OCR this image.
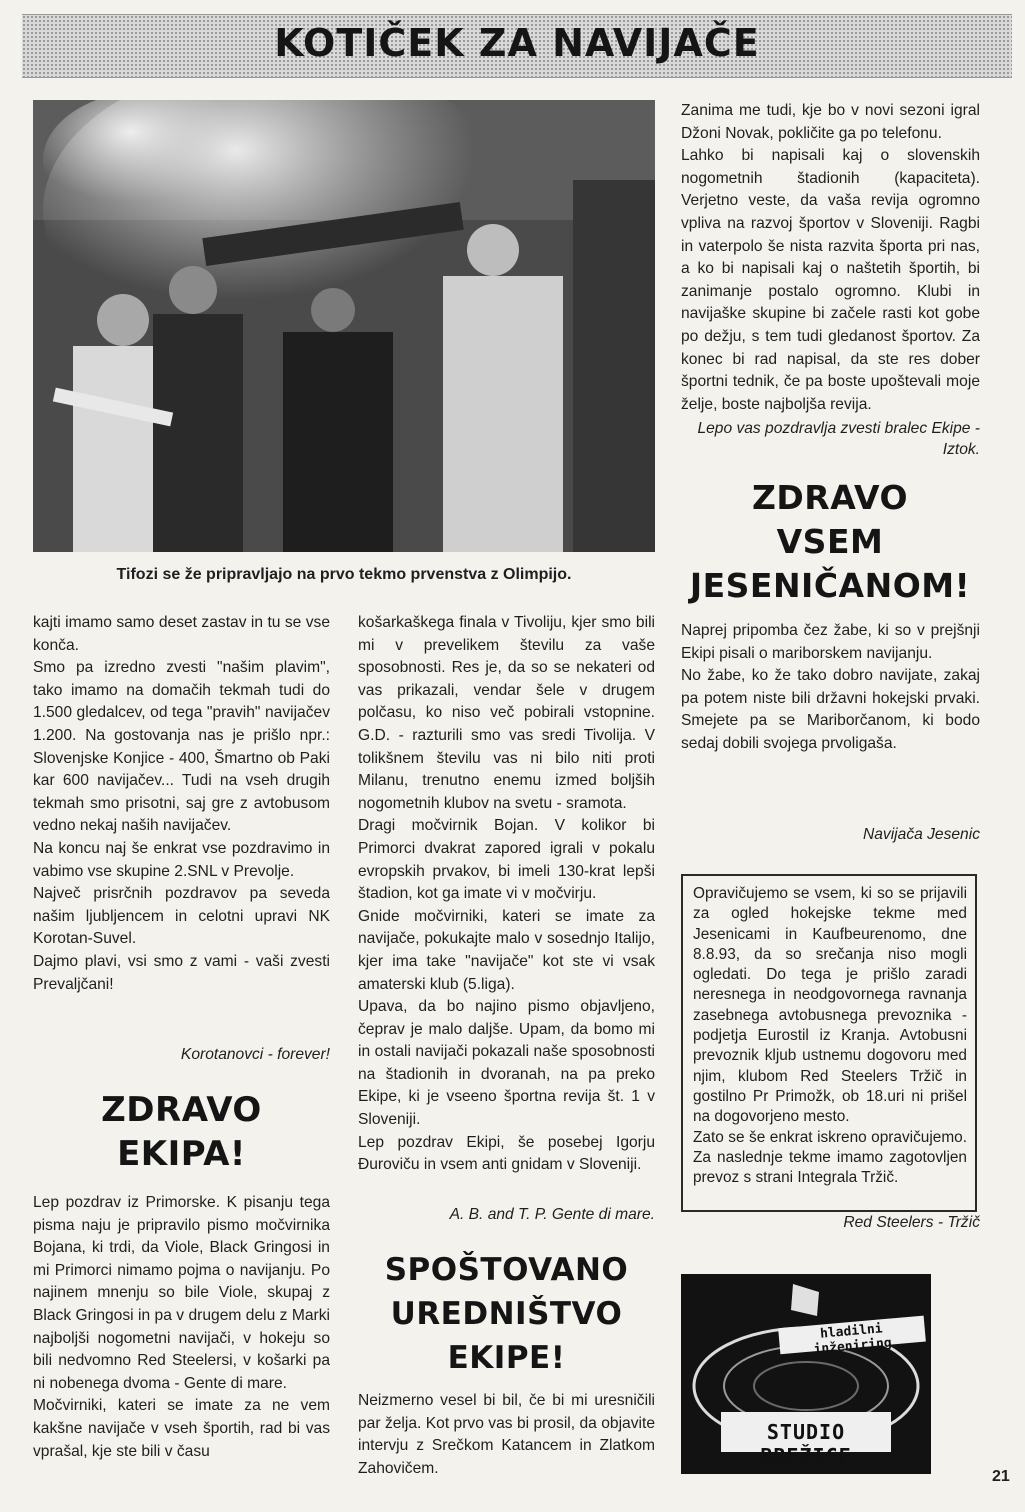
KOTIČEK ZA NAVIJAČE
Tifozi se že pripravljajo na prvo tekmo prvenstva z Olimpijo.

kajti imamo samo deset zastav in tu se vse konča.

Smo pa izredno zvesti "našim plavim", tako imamo na domačih tekmah tudi do 1.500 gledalcev, od tega "pravih" navijačev 1.200. Na gostovanja nas je prišlo npr.: Slovenjske Konjice - 400, Šmartno ob Paki kar 600 navijačev... Tudi na vseh drugih tekmah smo prisotni, saj gre z avtobusom vedno nekaj naših navijačev.

Na koncu naj še enkrat vse pozdravimo in vabimo vse skupine 2.SNL v Prevolje.

Največ prisrčnih pozdravov pa seveda našim ljubljencem in celotni upravi NK Korotan-Suvel.

Dajmo plavi, vsi smo z vami - vaši zvesti Prevaljčani!

Korotanovci - forever!
ZDRAVO
EKIPA!

Lep pozdrav iz Primorske. K pisanju tega pisma naju je pripravilo pismo močvirnika Bojana, ki trdi, da Viole, Black Gringosi in mi Primorci nimamo pojma o navijanju. Po najinem mnenju so bile Viole, skupaj z Black Gringosi in pa v drugem delu z Marki najboljši nogometni navijači, v hokeju so bili nedvomno Red Steelersi, v košarki pa ni nobenega dvoma - Gente di mare.

Močvirniki, kateri se imate za ne vem kakšne navijače v vseh športih, rad bi vas vprašal, kje ste bili v času

košarkaškega finala v Tivoliju, kjer smo bili mi v prevelikem številu za vaše sposobnosti. Res je, da so se nekateri od vas prikazali, vendar šele v drugem polčasu, ko niso več pobirali vstopnine. G.D. - razturili smo vas sredi Tivolija. V tolikšnem številu vas ni bilo niti proti Milanu, trenutno enemu izmed boljših nogometnih klubov na svetu - sramota.

Dragi močvirnik Bojan. V kolikor bi Primorci dvakrat zapored igrali v pokalu evropskih prvakov, bi imeli 130-krat lepši štadion, kot ga imate vi v močvirju.

Gnide močvirniki, kateri se imate za navijače, pokukajte malo v sosednjo Italijo, kjer ima take "navijače" kot ste vi vsak amaterski klub (5.liga).

Upava, da bo najino pismo objavljeno, čeprav je malo daljše. Upam, da bomo mi in ostali navijači pokazali naše sposobnosti na štadionih in dvoranah, na pa preko Ekipe, ki je vseeno športna revija št. 1 v Sloveniji.

Lep pozdrav Ekipi, še posebej Igorju Đuroviču in vsem anti gnidam v Sloveniji.

A. B. and T. P. Gente di mare.
SPOŠTOVANO
UREDNIŠTVO
EKIPE!

Neizmerno vesel bi bil, če bi mi uresničili par želja. Kot prvo vas bi prosil, da objavite intervju z Srečkom Katancem in Zlatkom Zahovičem.

Zanima me tudi, kje bo v novi sezoni igral Džoni Novak, pokličite ga po telefonu.

Lahko bi napisali kaj o slovenskih nogometnih štadionih (kapaciteta). Verjetno veste, da vaša revija ogromno vpliva na razvoj športov v Sloveniji. Ragbi in vaterpolo še nista razvita športa pri nas, a ko bi napisali kaj o naštetih športih, bi zanimanje postalo ogromno. Klubi in navijaške skupine bi začele rasti kot gobe po dežju, s tem tudi gledanost športov. Za konec bi rad napisal, da ste res dober športni tednik, če pa boste upoštevali moje želje, boste najboljša revija.

Lepo vas pozdravlja zvesti bralec Ekipe - Iztok.
ZDRAVO
VSEM
JESENIČANOM!

Naprej pripomba čez žabe, ki so v prejšnji Ekipi pisali o mariborskem navijanju.

No žabe, ko že tako dobro navijate, zakaj pa potem niste bili državni hokejski prvaki. Smejete pa se Mariborčanom, ki bodo sedaj dobili svojega prvoligaša.

Navijača Jesenic

Opravičujemo se vsem, ki so se prijavili za ogled hokejske tekme med Jesenicami in Kaufbeurenomo, dne 8.8.93, da so srečanja niso mogli ogledati. Do tega je prišlo zaradi neresnega in neodgovornega ravnanja zasebnega avtobusnega prevoznika - podjetja Eurostil iz Kranja. Avtobusni prevoznik kljub ustnemu dogovoru med njim, klubom Red Steelers Tržič in gostilno Pr Primožk, ob 18.uri ni prišel na dogovorjeno mesto.

Zato se še enkrat iskreno opravičujemo. Za naslednje tekme imamo zagotovljen prevoz s strani Integrala Tržič.

Red Steelers - Tržič
hladilni inženiring
STUDIO BREŽICE
21
